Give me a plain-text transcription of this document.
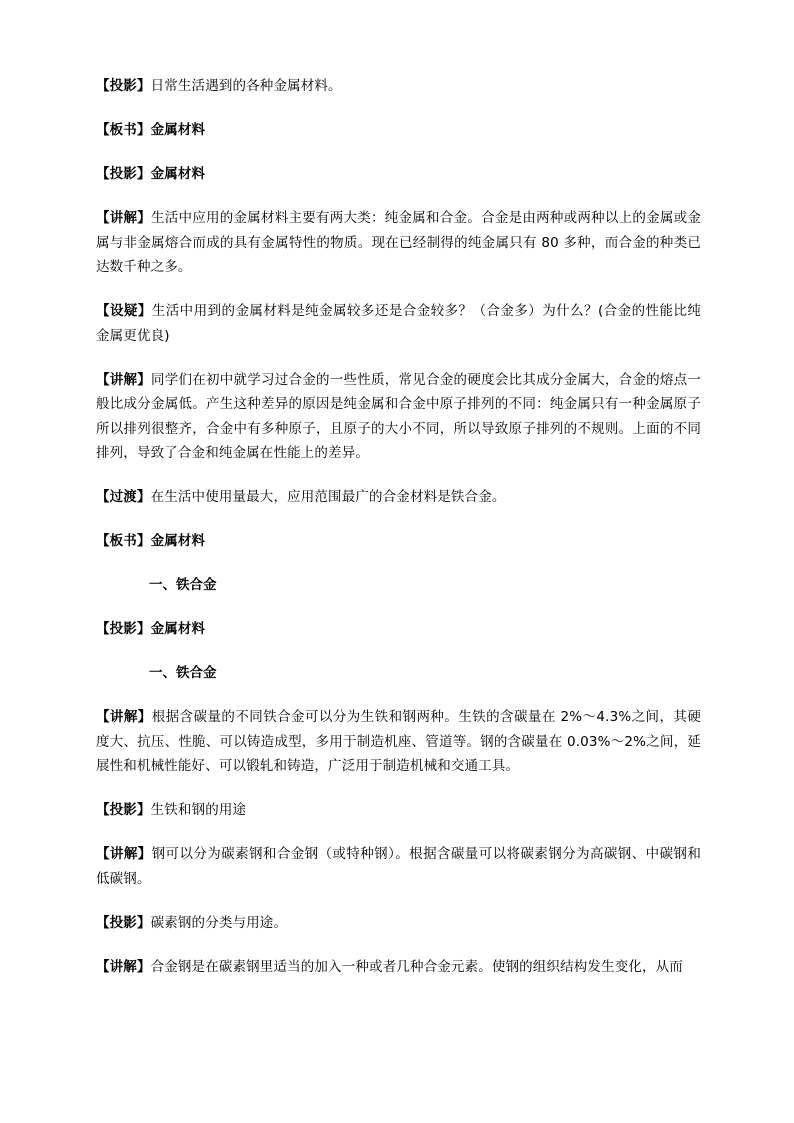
【投影】日常生活遇到的各种金属材料。

【板书】金属材料

【投影】金属材料

【讲解】生活中应用的金属材料主要有两大类：纯金属和合金。合金是由两种或两种以上的金属或金属与非金属熔合而成的具有金属特性的物质。现在已经制得的纯金属只有 80 多种，而合金的种类已达数千种之多。

【设疑】生活中用到的金属材料是纯金属较多还是合金较多？（合金多）为什么？(合金的性能比纯金属更优良)

【讲解】同学们在初中就学习过合金的一些性质，常见合金的硬度会比其成分金属大，合金的熔点一般比成分金属低。产生这种差异的原因是纯金属和合金中原子排列的不同：纯金属只有一种金属原子所以排列很整齐，合金中有多种原子，且原子的大小不同，所以导致原子排列的不规则。上面的不同排列，导致了合金和纯金属在性能上的差异。

【过渡】在生活中使用量最大，应用范围最广的合金材料是铁合金。

【板书】金属材料

一、铁合金

【投影】金属材料

一、铁合金

【讲解】根据含碳量的不同铁合金可以分为生铁和钢两种。生铁的含碳量在 2%～4.3%之间，其硬度大、抗压、性脆、可以铸造成型，多用于制造机座、管道等。钢的含碳量在 0.03%～2%之间，延展性和机械性能好、可以锻轧和铸造，广泛用于制造机械和交通工具。

【投影】生铁和钢的用途

【讲解】钢可以分为碳素钢和合金钢（或特种钢）。根据含碳量可以将碳素钢分为高碳钢、中碳钢和低碳钢。

【投影】碳素钢的分类与用途。

【讲解】合金钢是在碳素钢里适当的加入一种或者几种合金元素。使钢的组织结构发生变化，从而
